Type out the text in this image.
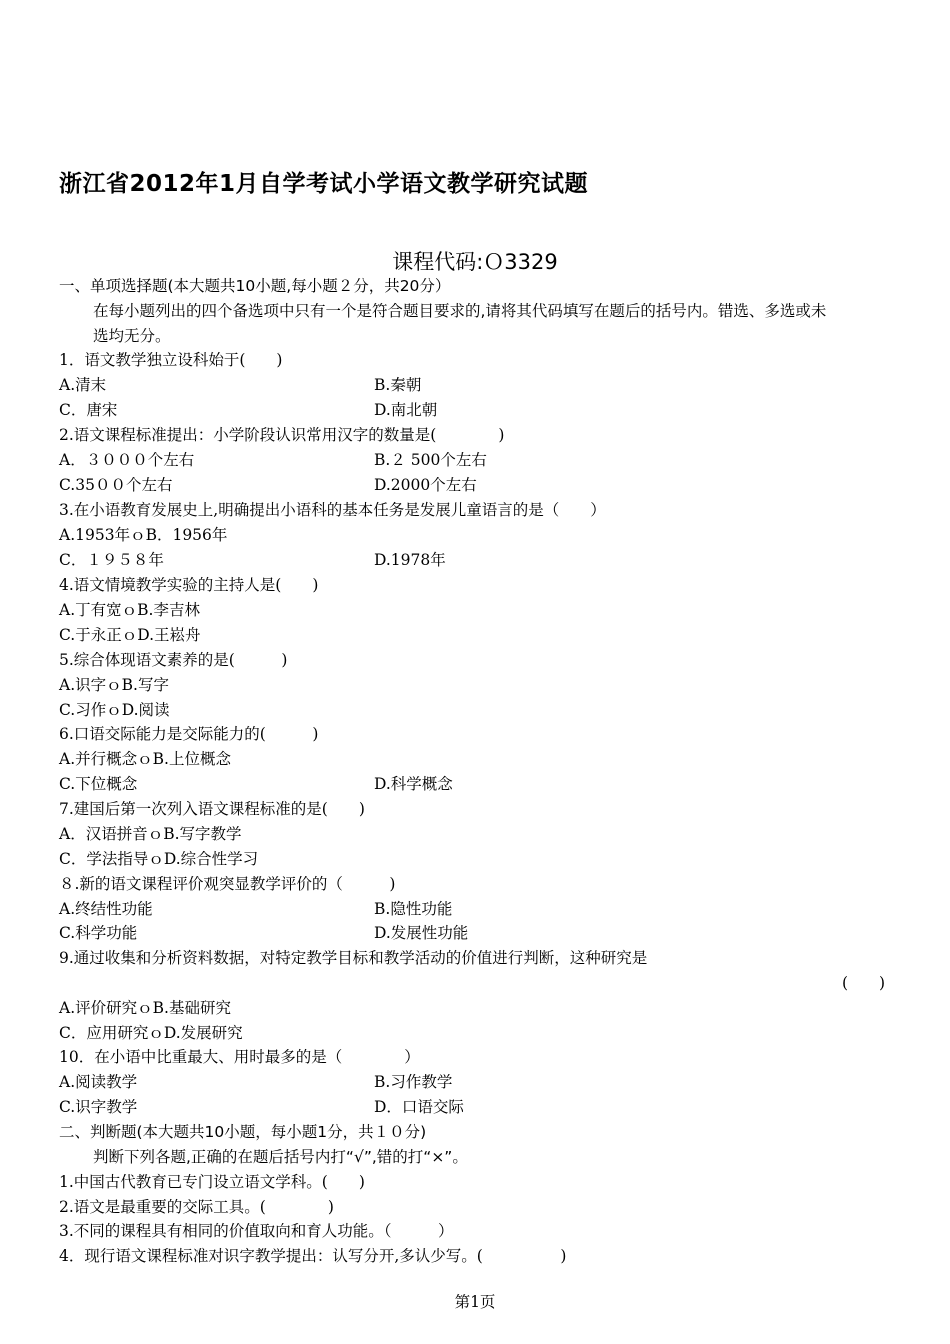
浙江省2012年1月自学考试小学语文教学研究试题
课程代码:Ｏ3329
一、单项选择题(本大题共10小题,每小题２分，共20分）
在每小题列出的四个备选项中只有一个是符合题目要求的,请将其代码填写在题后的括号内。错选、多选或未
选均无分。
1．语文教学独立设科始于(　　)
A.清末	B.秦朝
C．唐宋	D.南北朝
2.语文课程标准提出：小学阶段认识常用汉字的数量是(　　　　)
A．３０００个左右	B.２ 500个左右
C.35００个左右	D.2000个左右
3.在小语教育发展史上,明确提出小语科的基本任务是发展儿童语言的是（　　）
A.1953年ｏB．1956年
C．１９５８年	D.1978年
4.语文情境教学实验的主持人是(　　)
A.丁有宽ｏB.李吉林
C.于永正ｏD.王崧舟
5.综合体现语文素养的是(　　　)
A.识字ｏB.写字
C.习作ｏD.阅读
6.口语交际能力是交际能力的(　　　)
A.并行概念ｏB.上位概念
C.下位概念	D.科学概念
7.建国后第一次列入语文课程标准的是(　　)
A．汉语拼音ｏB.写字教学
C．学法指导ｏD.综合性学习
８.新的语文课程评价观突显教学评价的（　　　)
A.终结性功能	B.隐性功能
C.科学功能	D.发展性功能
9.通过收集和分析资料数据，对特定教学目标和教学活动的价值进行判断，这种研究是
(　　)
A.评价研究ｏB.基础研究
C．应用研究ｏD.发展研究
10．在小语中比重最大、用时最多的是（　　　　）
A.阅读教学	B.习作教学
C.识字教学	D．口语交际
二、判断题(本大题共10小题，每小题1分，共１０分)
判断下列各题,正确的在题后括号内打“√”,错的打“×”。
1.中国古代教育已专门设立语文学科。(　　)
2.语文是最重要的交际工具。(　　　　)
3.不同的课程具有相同的价值取向和育人功能。（　　　）
4．现行语文课程标准对识字教学提出：认写分开,多认少写。(　　　　　)
第1页
